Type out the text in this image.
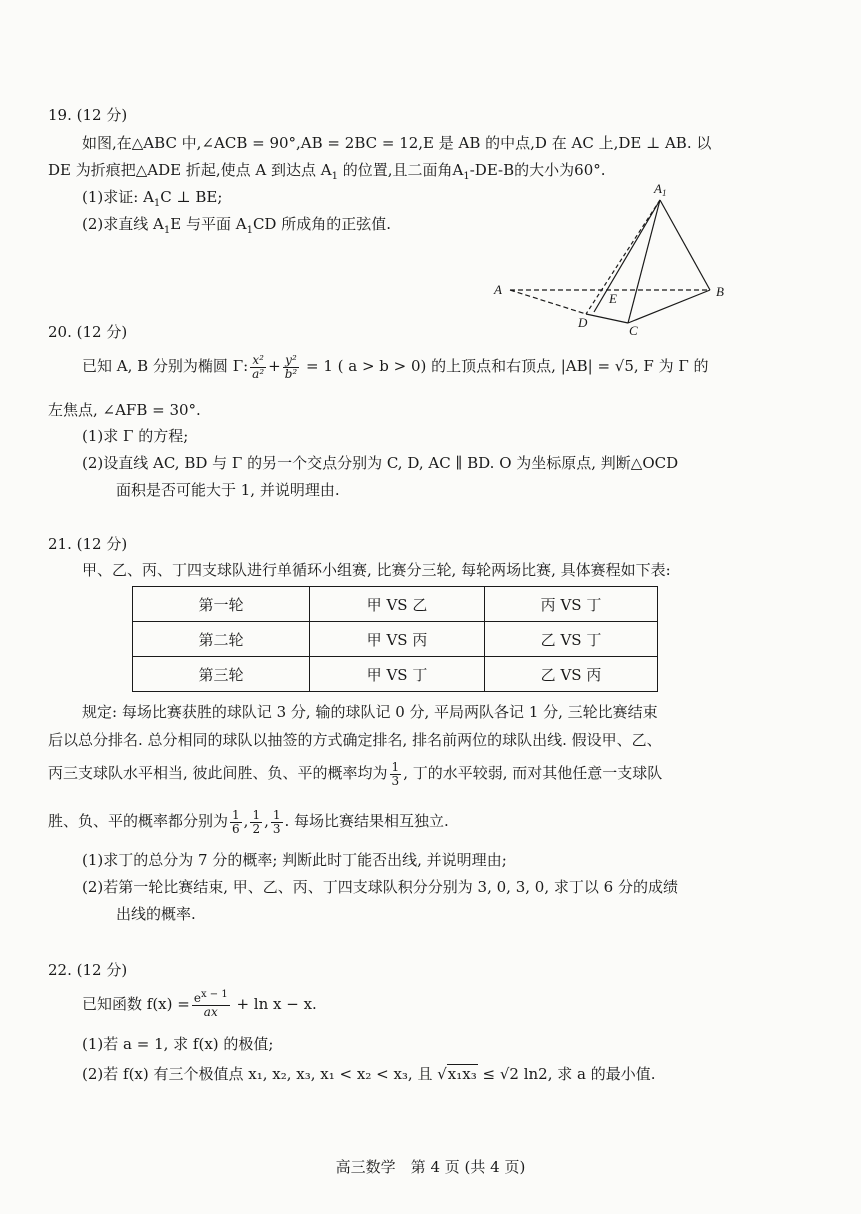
19. (12 分)
如图,在△ABC 中,∠ACB = 90°,AB = 2BC = 12,E 是 AB 的中点,D 在 AC 上,DE ⊥ AB. 以
DE 为折痕把△ADE 折起,使点 A 到达点 $A_1$ 的位置,且二面角$A_1-DE-B$的大小为60°.
(1)求证: $A_1C$ ⊥ BE;
(2)求直线 $A_1E$ 与平面 $A_1CD$ 所成角的正弦值.
$A_1$
A	B
E
D
C
20. (12 分)
已知 A, B 分别为椭圆 Γ: $\frac{\text{x²}}{\text{a²}} + \frac{\text{y²}}{\text{b²}} = 1$ ( a > b > 0) 的上顶点和右顶点, |AB| = √5, F 为 Γ 的
左焦点, ∠AFB = 30°.
(1)求 Γ 的方程;
(2)设直线 AC, BD 与 Γ 的另一个交点分别为 C, D, AC ∥ BD. O 为坐标原点, 判断△OCD
面积是否可能大于 1, 并说明理由.
21. (12 分)
甲、乙、丙、丁四支球队进行单循环小组赛, 比赛分三轮, 每轮两场比赛, 具体赛程如下表:
第一轮	甲 VS 乙	丙 VS 丁
第二轮	甲 VS 丙	乙 VS 丁
第三轮	甲 VS 丁	乙 VS 丙
规定: 每场比赛获胜的球队记 3 分, 输的球队记 0 分, 平局两队各记 1 分, 三轮比赛结束
后以总分排名. 总分相同的球队以抽签的方式确定排名, 排名前两位的球队出线. 假设甲、乙、
丙三支球队水平相当, 彼此间胜、负、平的概率均为 $\frac{1}{3}$ , 丁的水平较弱, 而对其他任意一支球队
胜、负、平的概率都分别为 $\frac{1}{6}$ , $\frac{1}{2}$ , $\frac{1}{3}$ . 每场比赛结果相互独立.
(1)求丁的总分为 7 分的概率; 判断此时丁能否出线, 并说明理由;
(2)若第一轮比赛结束, 甲、乙、丙、丁四支球队积分分别为 3, 0, 3, 0, 求丁以 6 分的成绩
出线的概率.
22. (12 分)
已知函数 $f(x) = \frac{e^{x - 1}}{ax} + \ln x - x$.
(1)若 a = 1, 求 f(x) 的极值;
(2)若 f(x) 有三个极值点 x₁, x₂, x₃, x₁ < x₂ < x₃, 且 √x₁x₃ ≤ √2 ln2, 求 a 的最小值.
高三数学　第 4 页 (共 4 页)
